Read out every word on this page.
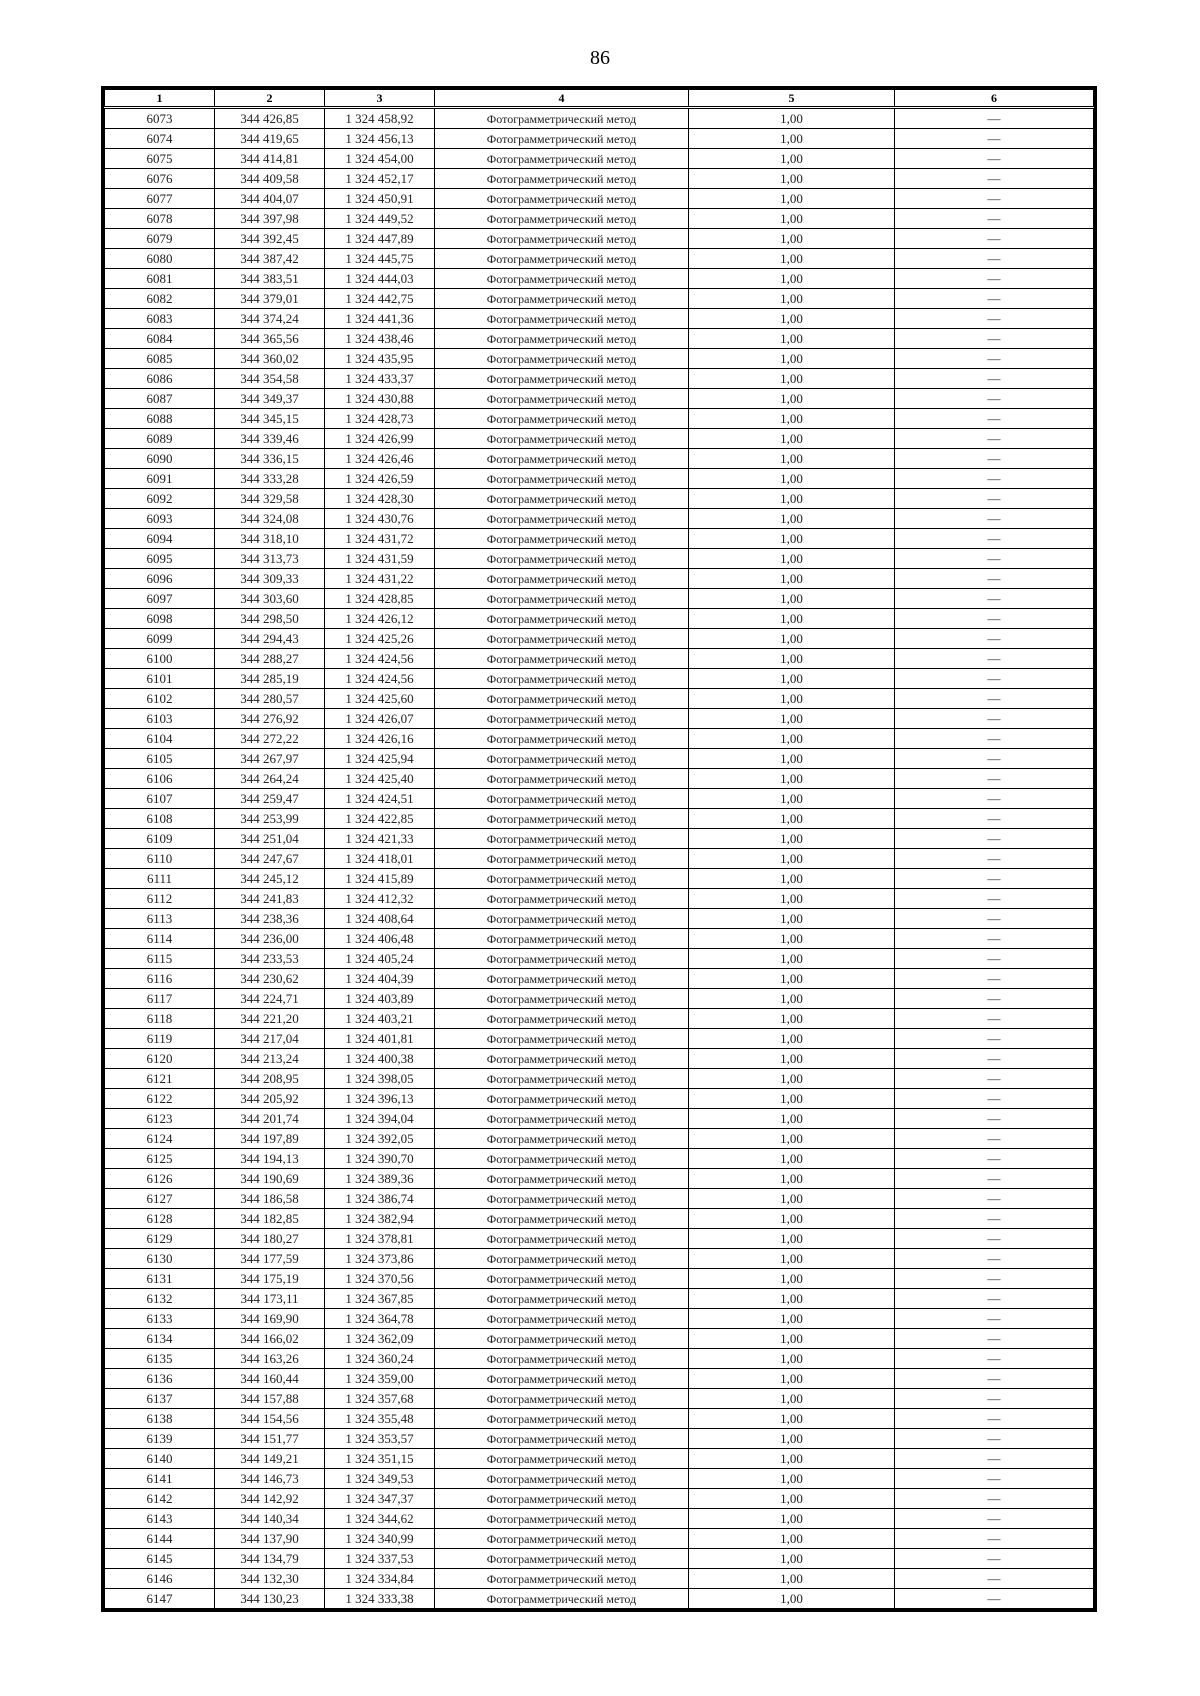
86
1	2	3	4	5	6
6073	344 426,85	1 324 458,92	Фотограмметрический метод	1,00	—
6074	344 419,65	1 324 456,13	Фотограмметрический метод	1,00	—
6075	344 414,81	1 324 454,00	Фотограмметрический метод	1,00	—
6076	344 409,58	1 324 452,17	Фотограмметрический метод	1,00	—
6077	344 404,07	1 324 450,91	Фотограмметрический метод	1,00	—
6078	344 397,98	1 324 449,52	Фотограмметрический метод	1,00	—
6079	344 392,45	1 324 447,89	Фотограмметрический метод	1,00	—
6080	344 387,42	1 324 445,75	Фотограмметрический метод	1,00	—
6081	344 383,51	1 324 444,03	Фотограмметрический метод	1,00	—
6082	344 379,01	1 324 442,75	Фотограмметрический метод	1,00	—
6083	344 374,24	1 324 441,36	Фотограмметрический метод	1,00	—
6084	344 365,56	1 324 438,46	Фотограмметрический метод	1,00	—
6085	344 360,02	1 324 435,95	Фотограмметрический метод	1,00	—
6086	344 354,58	1 324 433,37	Фотограмметрический метод	1,00	—
6087	344 349,37	1 324 430,88	Фотограмметрический метод	1,00	—
6088	344 345,15	1 324 428,73	Фотограмметрический метод	1,00	—
6089	344 339,46	1 324 426,99	Фотограмметрический метод	1,00	—
6090	344 336,15	1 324 426,46	Фотограмметрический метод	1,00	—
6091	344 333,28	1 324 426,59	Фотограмметрический метод	1,00	—
6092	344 329,58	1 324 428,30	Фотограмметрический метод	1,00	—
6093	344 324,08	1 324 430,76	Фотограмметрический метод	1,00	—
6094	344 318,10	1 324 431,72	Фотограмметрический метод	1,00	—
6095	344 313,73	1 324 431,59	Фотограмметрический метод	1,00	—
6096	344 309,33	1 324 431,22	Фотограмметрический метод	1,00	—
6097	344 303,60	1 324 428,85	Фотограмметрический метод	1,00	—
6098	344 298,50	1 324 426,12	Фотограмметрический метод	1,00	—
6099	344 294,43	1 324 425,26	Фотограмметрический метод	1,00	—
6100	344 288,27	1 324 424,56	Фотограмметрический метод	1,00	—
6101	344 285,19	1 324 424,56	Фотограмметрический метод	1,00	—
6102	344 280,57	1 324 425,60	Фотограмметрический метод	1,00	—
6103	344 276,92	1 324 426,07	Фотограмметрический метод	1,00	—
6104	344 272,22	1 324 426,16	Фотограмметрический метод	1,00	—
6105	344 267,97	1 324 425,94	Фотограмметрический метод	1,00	—
6106	344 264,24	1 324 425,40	Фотограмметрический метод	1,00	—
6107	344 259,47	1 324 424,51	Фотограмметрический метод	1,00	—
6108	344 253,99	1 324 422,85	Фотограмметрический метод	1,00	—
6109	344 251,04	1 324 421,33	Фотограмметрический метод	1,00	—
6110	344 247,67	1 324 418,01	Фотограмметрический метод	1,00	—
6111	344 245,12	1 324 415,89	Фотограмметрический метод	1,00	—
6112	344 241,83	1 324 412,32	Фотограмметрический метод	1,00	—
6113	344 238,36	1 324 408,64	Фотограмметрический метод	1,00	—
6114	344 236,00	1 324 406,48	Фотограмметрический метод	1,00	—
6115	344 233,53	1 324 405,24	Фотограмметрический метод	1,00	—
6116	344 230,62	1 324 404,39	Фотограмметрический метод	1,00	—
6117	344 224,71	1 324 403,89	Фотограмметрический метод	1,00	—
6118	344 221,20	1 324 403,21	Фотограмметрический метод	1,00	—
6119	344 217,04	1 324 401,81	Фотограмметрический метод	1,00	—
6120	344 213,24	1 324 400,38	Фотограмметрический метод	1,00	—
6121	344 208,95	1 324 398,05	Фотограмметрический метод	1,00	—
6122	344 205,92	1 324 396,13	Фотограмметрический метод	1,00	—
6123	344 201,74	1 324 394,04	Фотограмметрический метод	1,00	—
6124	344 197,89	1 324 392,05	Фотограмметрический метод	1,00	—
6125	344 194,13	1 324 390,70	Фотограмметрический метод	1,00	—
6126	344 190,69	1 324 389,36	Фотограмметрический метод	1,00	—
6127	344 186,58	1 324 386,74	Фотограмметрический метод	1,00	—
6128	344 182,85	1 324 382,94	Фотограмметрический метод	1,00	—
6129	344 180,27	1 324 378,81	Фотограмметрический метод	1,00	—
6130	344 177,59	1 324 373,86	Фотограмметрический метод	1,00	—
6131	344 175,19	1 324 370,56	Фотограмметрический метод	1,00	—
6132	344 173,11	1 324 367,85	Фотограмметрический метод	1,00	—
6133	344 169,90	1 324 364,78	Фотограмметрический метод	1,00	—
6134	344 166,02	1 324 362,09	Фотограмметрический метод	1,00	—
6135	344 163,26	1 324 360,24	Фотограмметрический метод	1,00	—
6136	344 160,44	1 324 359,00	Фотограмметрический метод	1,00	—
6137	344 157,88	1 324 357,68	Фотограмметрический метод	1,00	—
6138	344 154,56	1 324 355,48	Фотограмметрический метод	1,00	—
6139	344 151,77	1 324 353,57	Фотограмметрический метод	1,00	—
6140	344 149,21	1 324 351,15	Фотограмметрический метод	1,00	—
6141	344 146,73	1 324 349,53	Фотограмметрический метод	1,00	—
6142	344 142,92	1 324 347,37	Фотограмметрический метод	1,00	—
6143	344 140,34	1 324 344,62	Фотограмметрический метод	1,00	—
6144	344 137,90	1 324 340,99	Фотограмметрический метод	1,00	—
6145	344 134,79	1 324 337,53	Фотограмметрический метод	1,00	—
6146	344 132,30	1 324 334,84	Фотограмметрический метод	1,00	—
6147	344 130,23	1 324 333,38	Фотограмметрический метод	1,00	—
